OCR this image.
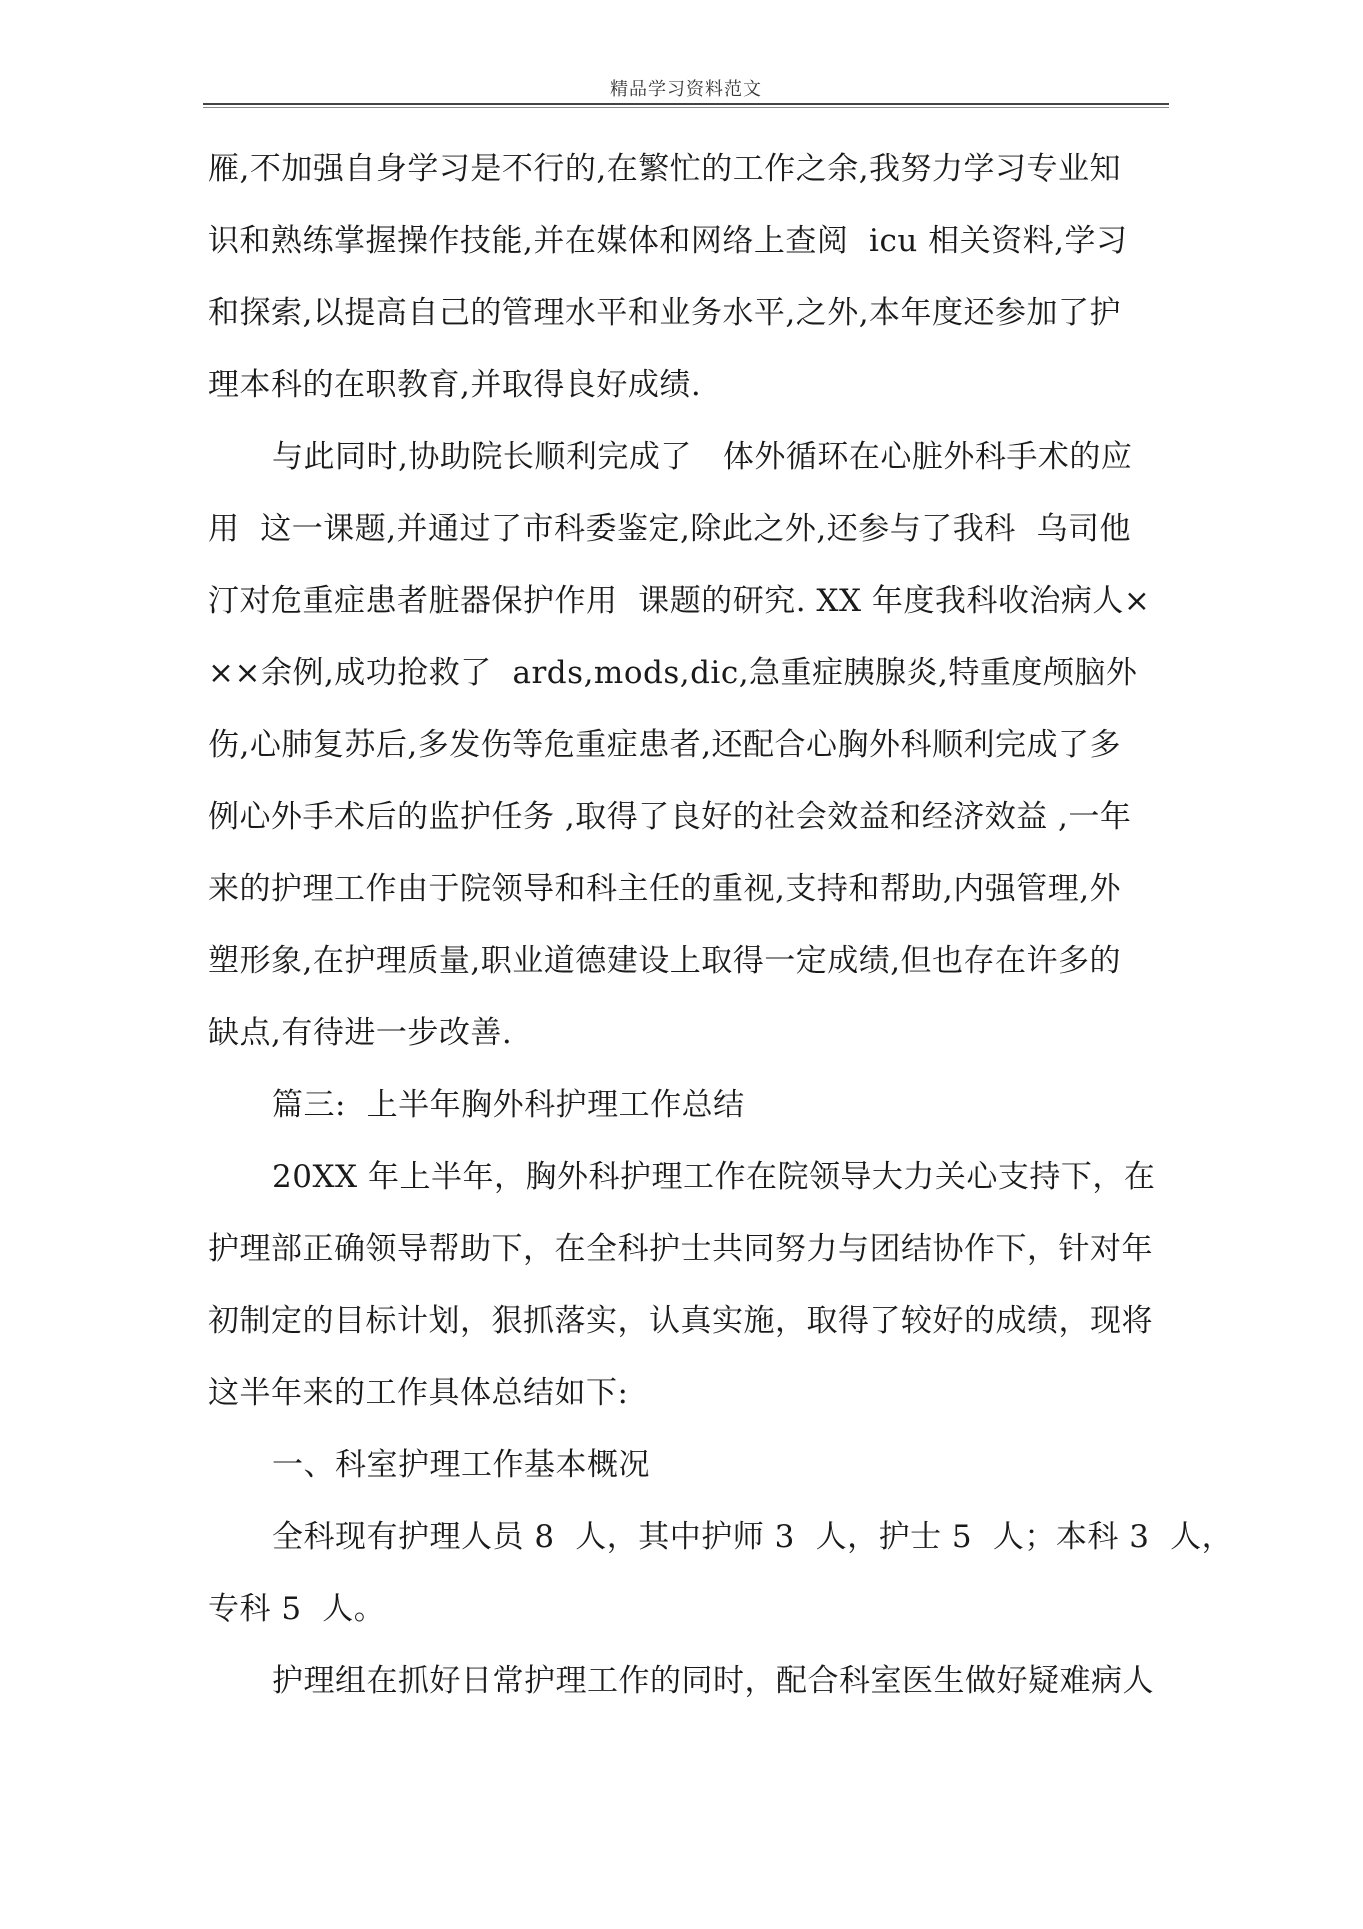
精品学习资料范文
雁,不加强自身学习是不行的,在繁忙的工作之余,我努力学习专业知
识和熟练掌握操作技能,并在媒体和网络上查阅  icu 相关资料,学习
和探索,以提高自己的管理水平和业务水平,之外,本年度还参加了护
理本科的在职教育,并取得良好成绩.
与此同时,协助院长顺利完成了   体外循环在心脏外科手术的应
用  这一课题,并通过了市科委鉴定,除此之外,还参与了我科  乌司他
汀对危重症患者脏器保护作用  课题的研究. XX 年度我科收治病人×
××余例,成功抢救了  ards,mods,dic,急重症胰腺炎,特重度颅脑外
伤,心肺复苏后,多发伤等危重症患者,还配合心胸外科顺利完成了多
例心外手术后的监护任务 ,取得了良好的社会效益和经济效益 ,一年
来的护理工作由于院领导和科主任的重视,支持和帮助,内强管理,外
塑形象,在护理质量,职业道德建设上取得一定成绩,但也存在许多的
缺点,有待进一步改善.
篇三:  上半年胸外科护理工作总结
20XX 年上半年，胸外科护理工作在院领导大力关心支持下，在
护理部正确领导帮助下，在全科护士共同努力与团结协作下，针对年
初制定的目标计划，狠抓落实，认真实施，取得了较好的成绩，现将
这半年来的工作具体总结如下:
一、科室护理工作基本概况
全科现有护理人员 8  人，其中护师 3  人，护士 5  人；本科 3  人，
专科 5  人。
护理组在抓好日常护理工作的同时，配合科室医生做好疑难病人
